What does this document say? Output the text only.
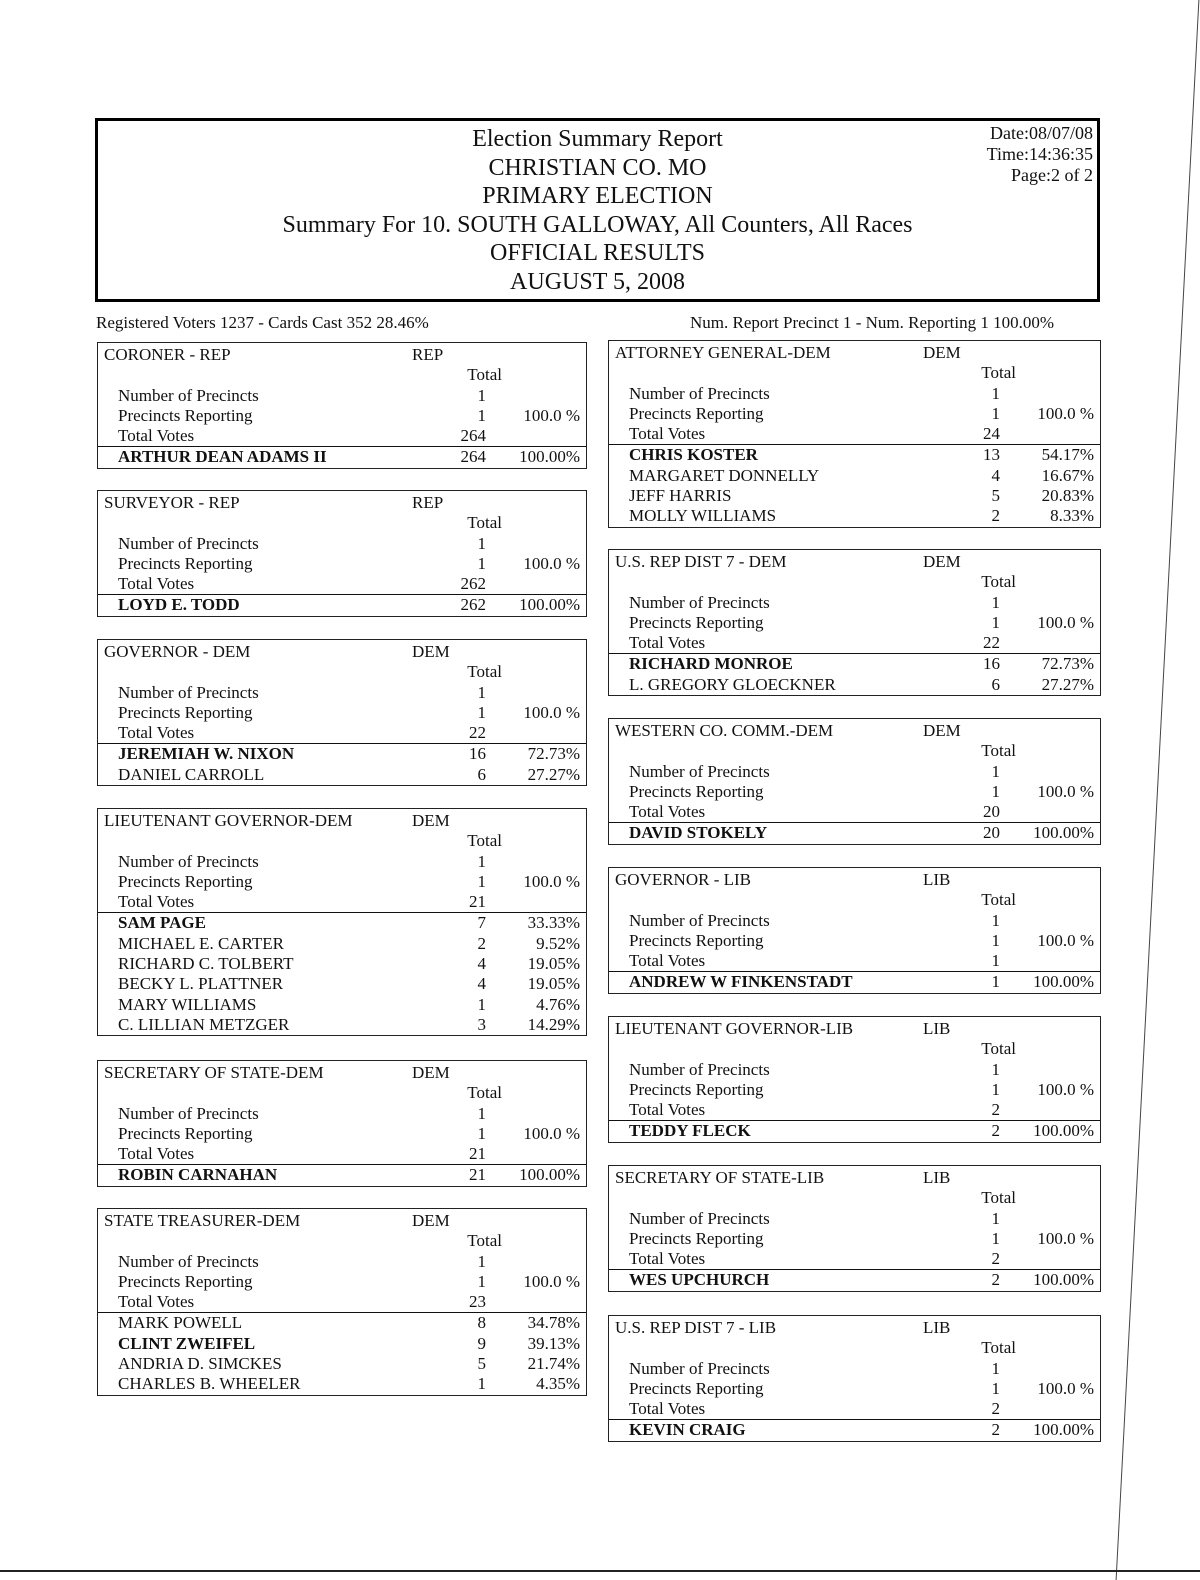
Election Summary Report
CHRISTIAN CO. MO
PRIMARY ELECTION
Summary For 10. SOUTH GALLOWAY, All Counters, All Races
OFFICIAL RESULTS
AUGUST 5, 2008
Date:08/07/08
Time:14:36:35
Page:2 of 2
Registered Voters 1237 - Cards Cast 352 28.46%	Num. Report Precinct 1 - Num. Reporting 1 100.00%
CORONER - REP	REP
Total
Number of Precincts	1
Precincts Reporting	1 100.0 %
Total Votes	264
ARTHUR DEAN ADAMS II	264 100.00%
SURVEYOR - REP	REP
Total
Number of Precincts	1
Precincts Reporting	1 100.0 %
Total Votes	262
LOYD E. TODD	262 100.00%
GOVERNOR - DEM	DEM
Total
Number of Precincts	1
Precincts Reporting	1 100.0 %
Total Votes	22
JEREMIAH W. NIXON	16 72.73%
DANIEL CARROLL	6 27.27%
LIEUTENANT GOVERNOR-DEM	DEM
Total
Number of Precincts	1
Precincts Reporting	1 100.0 %
Total Votes	21
SAM PAGE	7 33.33%
MICHAEL E. CARTER	2	9.52%
RICHARD C. TOLBERT	4 19.05%
BECKY L. PLATTNER	4 19.05%
MARY WILLIAMS	1	4.76%
C. LILLIAN METZGER	3 14.29%
SECRETARY OF STATE-DEM	DEM
Total
Number of Precincts	1
Precincts Reporting	1 100.0 %
Total Votes	21
ROBIN CARNAHAN	21 100.00%
STATE TREASURER-DEM	DEM
Total
Number of Precincts	1
Precincts Reporting	1 100.0 %
Total Votes	23
MARK POWELL	8 34.78%
CLINT ZWEIFEL	9 39.13%
ANDRIA D. SIMCKES	5 21.74%
CHARLES B. WHEELER	1	4.35%
ATTORNEY GENERAL-DEM	DEM
Total
Number of Precincts	1
Precincts Reporting	1 100.0 %
Total Votes	24
CHRIS KOSTER	13 54.17%
MARGARET DONNELLY	4 16.67%
JEFF HARRIS	5 20.83%
MOLLY WILLIAMS	2	8.33%
U.S. REP DIST 7 - DEM	DEM
Total
Number of Precincts	1
Precincts Reporting	1 100.0 %
Total Votes	22
RICHARD MONROE	16 72.73%
L. GREGORY GLOECKNER	6 27.27%
WESTERN CO. COMM.-DEM	DEM
Total
Number of Precincts	1
Precincts Reporting	1 100.0 %
Total Votes	20
DAVID STOKELY	20 100.00%
GOVERNOR - LIB	LIB
Total
Number of Precincts	1
Precincts Reporting	1 100.0 %
Total Votes	1
ANDREW W FINKENSTADT	1 100.00%
LIEUTENANT GOVERNOR-LIB	LIB
Total
Number of Precincts	1
Precincts Reporting	1 100.0 %
Total Votes	2
TEDDY FLECK	2 100.00%
SECRETARY OF STATE-LIB	LIB
Total
Number of Precincts	1
Precincts Reporting	1 100.0 %
Total Votes	2
WES UPCHURCH	2 100.00%
U.S. REP DIST 7 - LIB	LIB
Total
Number of Precincts	1
Precincts Reporting	1 100.0 %
Total Votes	2
KEVIN CRAIG	2 100.00%
